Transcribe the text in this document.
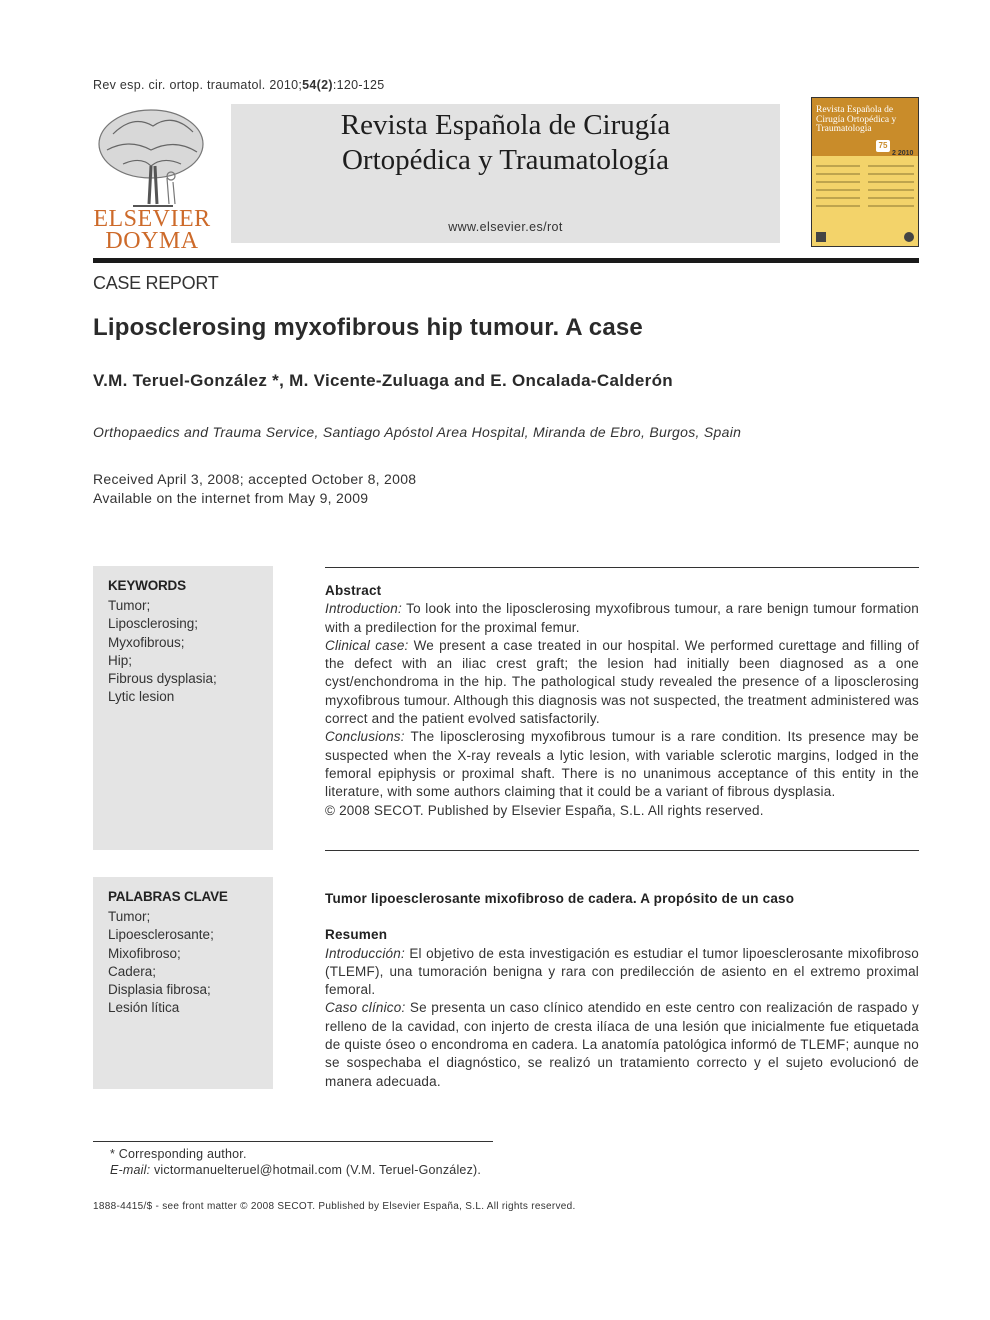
Rev esp. cir. ortop. traumatol. 2010;54(2):120-125
ELSEVIER
DOYMA
Revista Española de Cirugía
Ortopédica y Traumatología
www.elsevier.es/rot
Revista Española de Cirugía Ortopédica y Traumatología
75
2 2010
CASE REPORT
Liposclerosing myxofibrous hip tumour. A case
V.M. Teruel-González *, M. Vicente-Zuluaga and E. Oncalada-Calderón
Orthopaedics and Trauma Service, Santiago Apóstol Area Hospital, Miranda de Ebro, Burgos, Spain
Received April 3, 2008; accepted October 8, 2008
Available on the internet from May 9, 2009
KEYWORDS
Tumor;
Liposclerosing;
Myxofibrous;
Hip;
Fibrous dysplasia;
Lytic lesion
Abstract
Introduction: To look into the liposclerosing myxofibrous tumour, a rare benign tumour formation with a predilection for the proximal femur.
Clinical case: We present a case treated in our hospital. We performed curettage and filling of the defect with an iliac crest graft; the lesion had initially been diagnosed as a one cyst/enchondroma in the hip. The pathological study revealed the presence of a liposclerosing myxofibrous tumour. Although this diagnosis was not suspected, the treatment administered was correct and the patient evolved satisfactorily.
Conclusions: The liposclerosing myxofibrous tumour is a rare condition. Its presence may be suspected when the X-ray reveals a lytic lesion, with variable sclerotic margins, lodged in the femoral epiphysis or proximal shaft. There is no unanimous acceptance of this entity in the literature, with some authors claiming that it could be a variant of fibrous dysplasia.
© 2008 SECOT. Published by Elsevier España, S.L. All rights reserved.
PALABRAS CLAVE
Tumor;
Lipoesclerosante;
Mixofibroso;
Cadera;
Displasia fibrosa;
Lesión lítica
Tumor lipoesclerosante mixofibroso de cadera. A propósito de un caso
Resumen
Introducción: El objetivo de esta investigación es estudiar el tumor lipoesclerosante mixofibroso (TLEMF), una tumoración benigna y rara con predilección de asiento en el extremo proximal femoral.
Caso clínico: Se presenta un caso clínico atendido en este centro con realización de raspado y relleno de la cavidad, con injerto de cresta ilíaca de una lesión que inicialmente fue etiquetada de quiste óseo o encondroma en cadera. La anatomía patológica informó de TLEMF; aunque no se sospechaba el diagnóstico, se realizó un tratamiento correcto y el sujeto evolucionó de manera adecuada.
* Corresponding author.
E-mail: victormanuelteruel@hotmail.com (V.M. Teruel-González).
1888-4415/$ - see front matter © 2008 SECOT. Published by Elsevier España, S.L. All rights reserved.
